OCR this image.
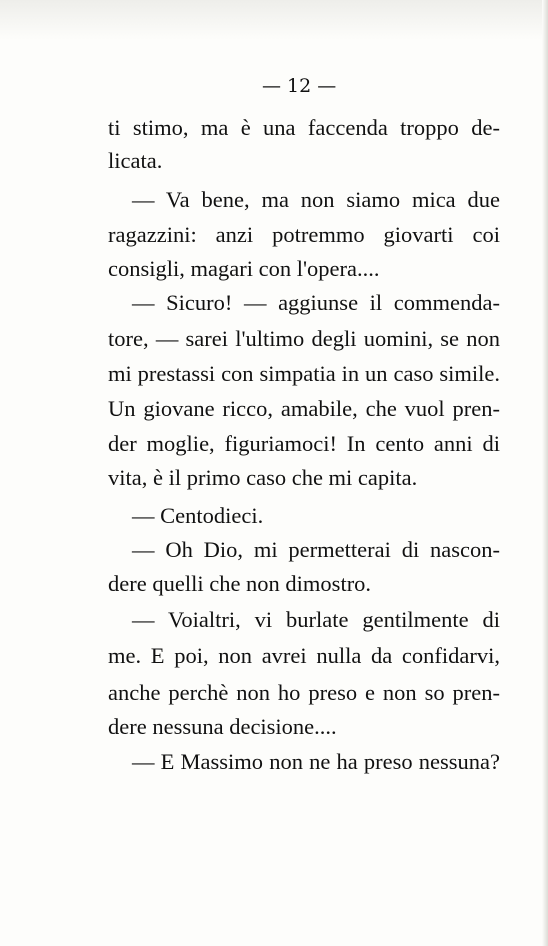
— 12 —
ti stimo, ma è una faccenda troppo de-
licata.
— Va bene, ma non siamo mica due
ragazzini: anzi potremmo giovarti coi
consigli, magari con l'opera....
— Sicuro! — aggiunse il commenda-
tore, — sarei l'ultimo degli uomini, se non
mi prestassi con simpatia in un caso simile.
Un giovane ricco, amabile, che vuol pren-
der moglie, figuriamoci! In cento anni di
vita, è il primo caso che mi capita.
— Centodieci.
— Oh Dio, mi permetterai di nascon-
dere quelli che non dimostro.
— Voialtri, vi burlate gentilmente di
me. E poi, non avrei nulla da confidarvi,
anche perchè non ho preso e non so pren-
dere nessuna decisione....
— E Massimo non ne ha preso nessuna?
